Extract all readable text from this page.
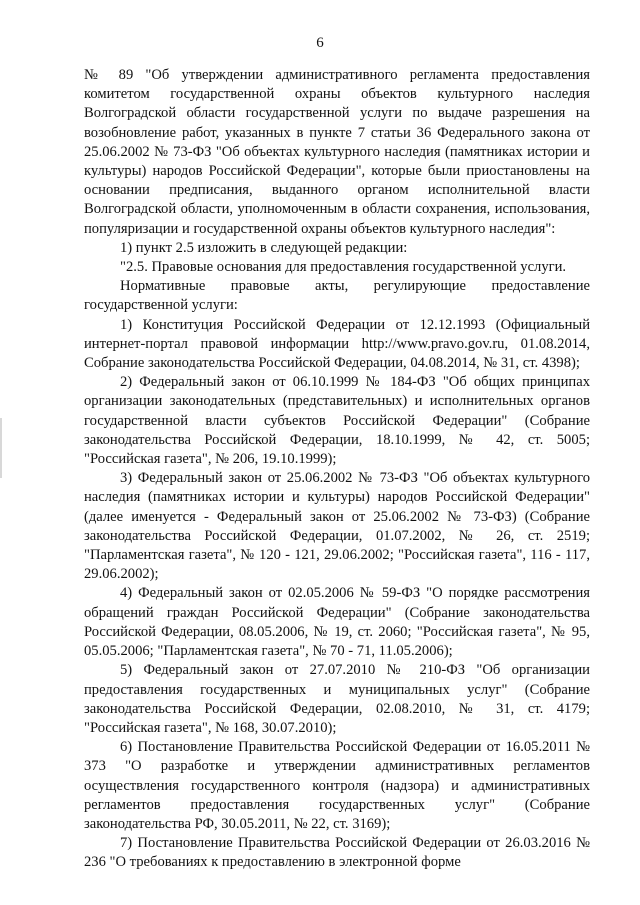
6

№ 89 "Об утверждении административного регламента предоставления комитетом государственной охраны объектов культурного наследия Волгоградской области государственной услуги по выдаче разрешения на возобновление работ, указанных в пункте 7 статьи 36 Федерального закона от 25.06.2002 № 73-ФЗ "Об объектах культурного наследия (памятниках истории и культуры) народов Российской Федерации", которые были приостановлены на основании предписания, выданного органом исполнительной власти Волгоградской области, уполномоченным в области сохранения, использования, популяризации и государственной охраны объектов культурного наследия":

1) пункт 2.5 изложить в следующей редакции:

"2.5. Правовые основания для предоставления государственной услуги.

Нормативные правовые акты, регулирующие предоставление государственной услуги:

1) Конституция Российской Федерации от 12.12.1993 (Официальный интернет-портал правовой информации http://www.pravo.gov.ru, 01.08.2014, Собрание законодательства Российской Федерации, 04.08.2014, № 31, ст. 4398);

2) Федеральный закон от 06.10.1999 № 184-ФЗ "Об общих принципах организации законодательных (представительных) и исполнительных органов государственной власти субъектов Российской Федерации" (Собрание законодательства Российской Федерации, 18.10.1999, № 42, ст. 5005; "Российская газета", № 206, 19.10.1999);

3) Федеральный закон от 25.06.2002 № 73-ФЗ "Об объектах культурного наследия (памятниках истории и культуры) народов Российской Федерации" (далее именуется - Федеральный закон от 25.06.2002 № 73-ФЗ) (Собрание законодательства Российской Федерации, 01.07.2002, № 26, ст. 2519; "Парламентская газета", № 120 - 121, 29.06.2002; "Российская газета", 116 - 117, 29.06.2002);

4) Федеральный закон от 02.05.2006 № 59-ФЗ "О порядке рассмотрения обращений граждан Российской Федерации" (Собрание законодательства Российской Федерации, 08.05.2006, № 19, ст. 2060; "Российская газета", № 95, 05.05.2006; "Парламентская газета", № 70 - 71, 11.05.2006);

5) Федеральный закон от 27.07.2010 № 210-ФЗ "Об организации предоставления государственных и муниципальных услуг" (Собрание законодательства Российской Федерации, 02.08.2010, № 31, ст. 4179; "Российская газета", № 168, 30.07.2010);

6) Постановление Правительства Российской Федерации от 16.05.2011 № 373 "О разработке и утверждении административных регламентов осуществления государственного контроля (надзора) и административных регламентов предоставления государственных услуг" (Собрание законодательства РФ, 30.05.2011, № 22, ст. 3169);

7) Постановление Правительства Российской Федерации от 26.03.2016 № 236 "О требованиях к предоставлению в электронной форме
